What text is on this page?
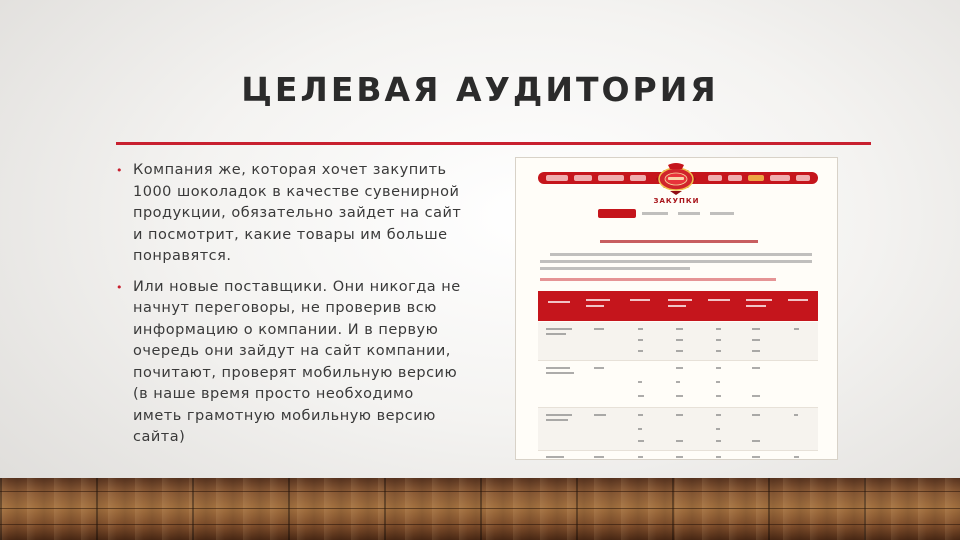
ЦЕЛЕВАЯ АУДИТОРИЯ
• Компания же, которая хочет закупить 1000 шоколадок в качестве сувенирной продукции, обязательно зайдет на сайт и посмотрит, какие товары им больше понравятся.
• Или новые поставщики. Они никогда не начнут переговоры, не проверив всю информацию о компании. И в первую очередь они зайдут на сайт компании, почитают, проверят мобильную версию (в наше время просто необходимо иметь грамотную мобильную версию сайта)
ЗАКУПКИ
